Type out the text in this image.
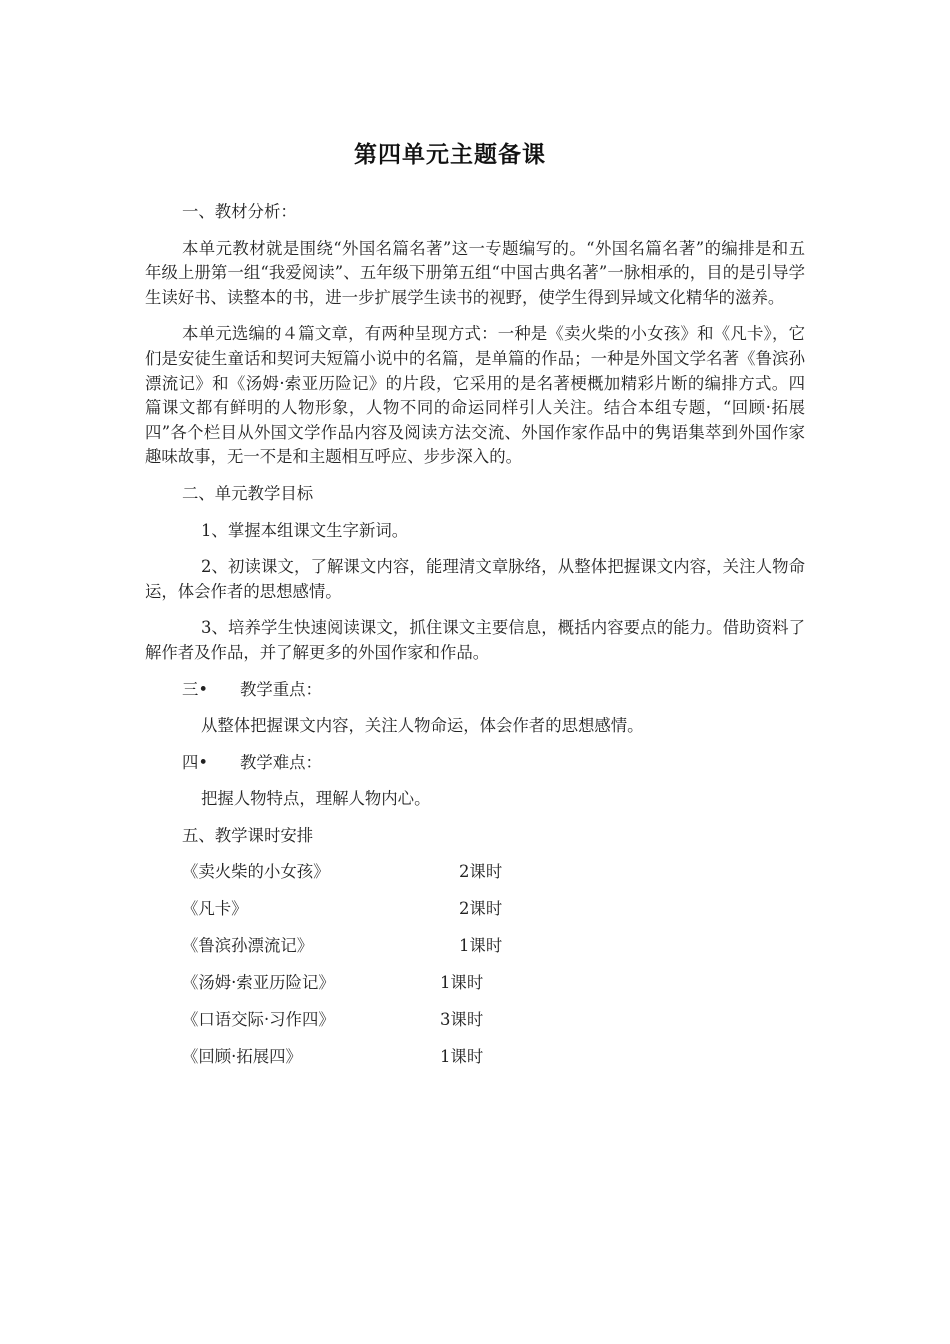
第四单元主题备课

一、教材分析：

本单元教材就是围绕“外国名篇名著”这一专题编写的。“外国名篇名著”的编排是和五年级上册第一组“我爱阅读”、五年级下册第五组“中国古典名著”一脉相承的，目的是引导学生读好书、读整本的书，进一步扩展学生读书的视野，使学生得到异域文化精华的滋养。

本单元选编的４篇文章，有两种呈现方式：一种是《卖火柴的小女孩》和《凡卡》，它们是安徒生童话和契诃夫短篇小说中的名篇，是单篇的作品；一种是外国文学名著《鲁滨孙漂流记》和《汤姆·索亚历险记》的片段，它采用的是名著梗概加精彩片断的编排方式。四篇课文都有鲜明的人物形象，人物不同的命运同样引人关注。结合本组专题，“回顾·拓展四”各个栏目从外国文学作品内容及阅读方法交流、外国作家作品中的隽语集萃到外国作家趣味故事，无一不是和主题相互呼应、步步深入的。

二、单元教学目标

1、掌握本组课文生字新词。

2、初读课文，了解课文内容，能理清文章脉络，从整体把握课文内容，关注人物命运，体会作者的思想感情。

3、培养学生快速阅读课文，抓住课文主要信息，概括内容要点的能力。借助资料了解作者及作品，并了解更多的外国作家和作品。

三• 教学重点：

从整体把握课文内容，关注人物命运，体会作者的思想感情。

四• 教学难点：

把握人物特点，理解人物内心。

五、教学课时安排

《卖火柴的小女孩》	2课时
《凡卡》	2课时
《鲁滨孙漂流记》	1课时
《汤姆·索亚历险记》	1课时
《口语交际·习作四》	3课时
《回顾·拓展四》	1课时
